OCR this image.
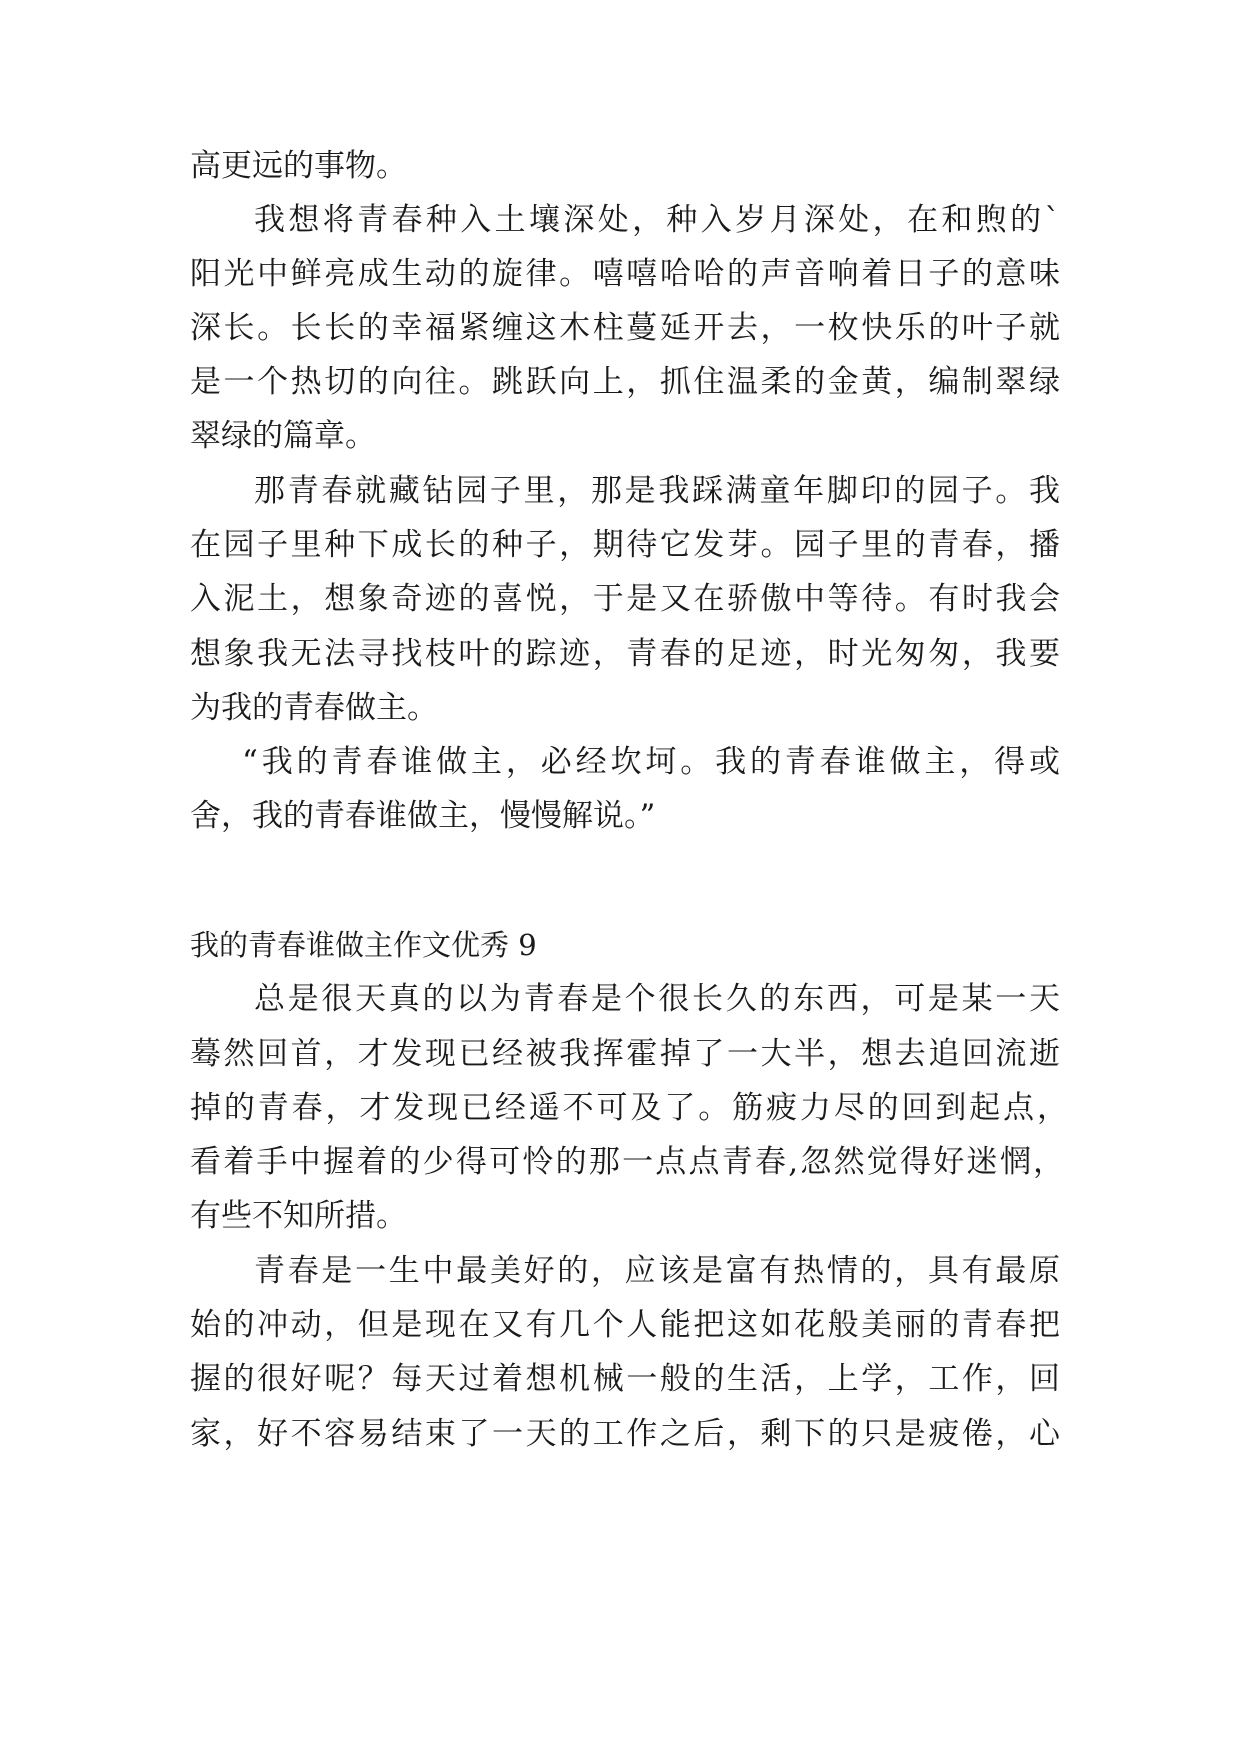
高更远的事物。
我想将青春种入土壤深处，种入岁月深处，在和煦的`
阳光中鲜亮成生动的旋律。嘻嘻哈哈的声音响着日子的意味
深长。长长的幸福紧缠这木柱蔓延开去，一枚快乐的叶子就
是一个热切的向往。跳跃向上，抓住温柔的金黄，编制翠绿
翠绿的篇章。
那青春就藏钻园子里，那是我踩满童年脚印的园子。我
在园子里种下成长的种子，期待它发芽。园子里的青春，播
入泥土，想象奇迹的喜悦，于是又在骄傲中等待。有时我会
想象我无法寻找枝叶的踪迹，青春的足迹，时光匆匆，我要
为我的青春做主。
“我的青春谁做主，必经坎坷。我的青春谁做主，得或
舍，我的青春谁做主，慢慢解说。”
我的青春谁做主作文优秀 9
总是很天真的以为青春是个很长久的东西，可是某一天
蓦然回首，才发现已经被我挥霍掉了一大半，想去追回流逝
掉的青春，才发现已经遥不可及了。筋疲力尽的回到起点，
看着手中握着的少得可怜的那一点点青春,忽然觉得好迷惘，
有些不知所措。
青春是一生中最美好的，应该是富有热情的，具有最原
始的冲动，但是现在又有几个人能把这如花般美丽的青春把
握的很好呢？每天过着想机械一般的生活，上学，工作，回
家，好不容易结束了一天的工作之后，剩下的只是疲倦，心
